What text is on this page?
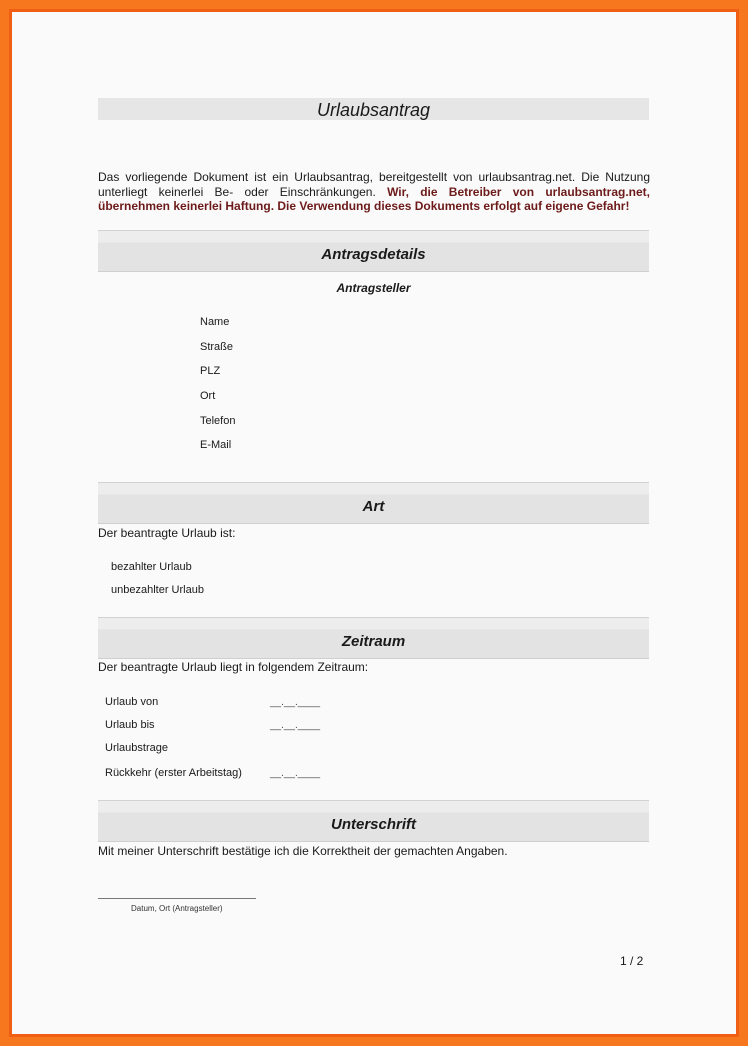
Urlaubsantrag
Das vorliegende Dokument ist ein Urlaubsantrag, bereitgestellt von urlaubsantrag.net. Die Nutzung unterliegt keinerlei Be- oder Einschränkungen. Wir, die Betreiber von urlaubsantrag.net, übernehmen keinerlei Haftung. Die Verwendung dieses Dokuments erfolgt auf eigene Gefahr!
Antragsdetails
Antragsteller
Name
Straße
PLZ
Ort
Telefon
E-Mail
Art
Der beantragte Urlaub ist:
bezahlter Urlaub
unbezahlter Urlaub
Zeitraum
Der beantragte Urlaub liegt in folgendem Zeitraum:
Urlaub von	__.__.____
Urlaub bis	__.__.____
Urlaubstrage
Rückkehr (erster Arbeitstag)	__.__.____
Unterschrift
Mit meiner Unterschrift bestätige ich die Korrektheit der gemachten Angaben.
Datum, Ort (Antragsteller)
1 / 2
